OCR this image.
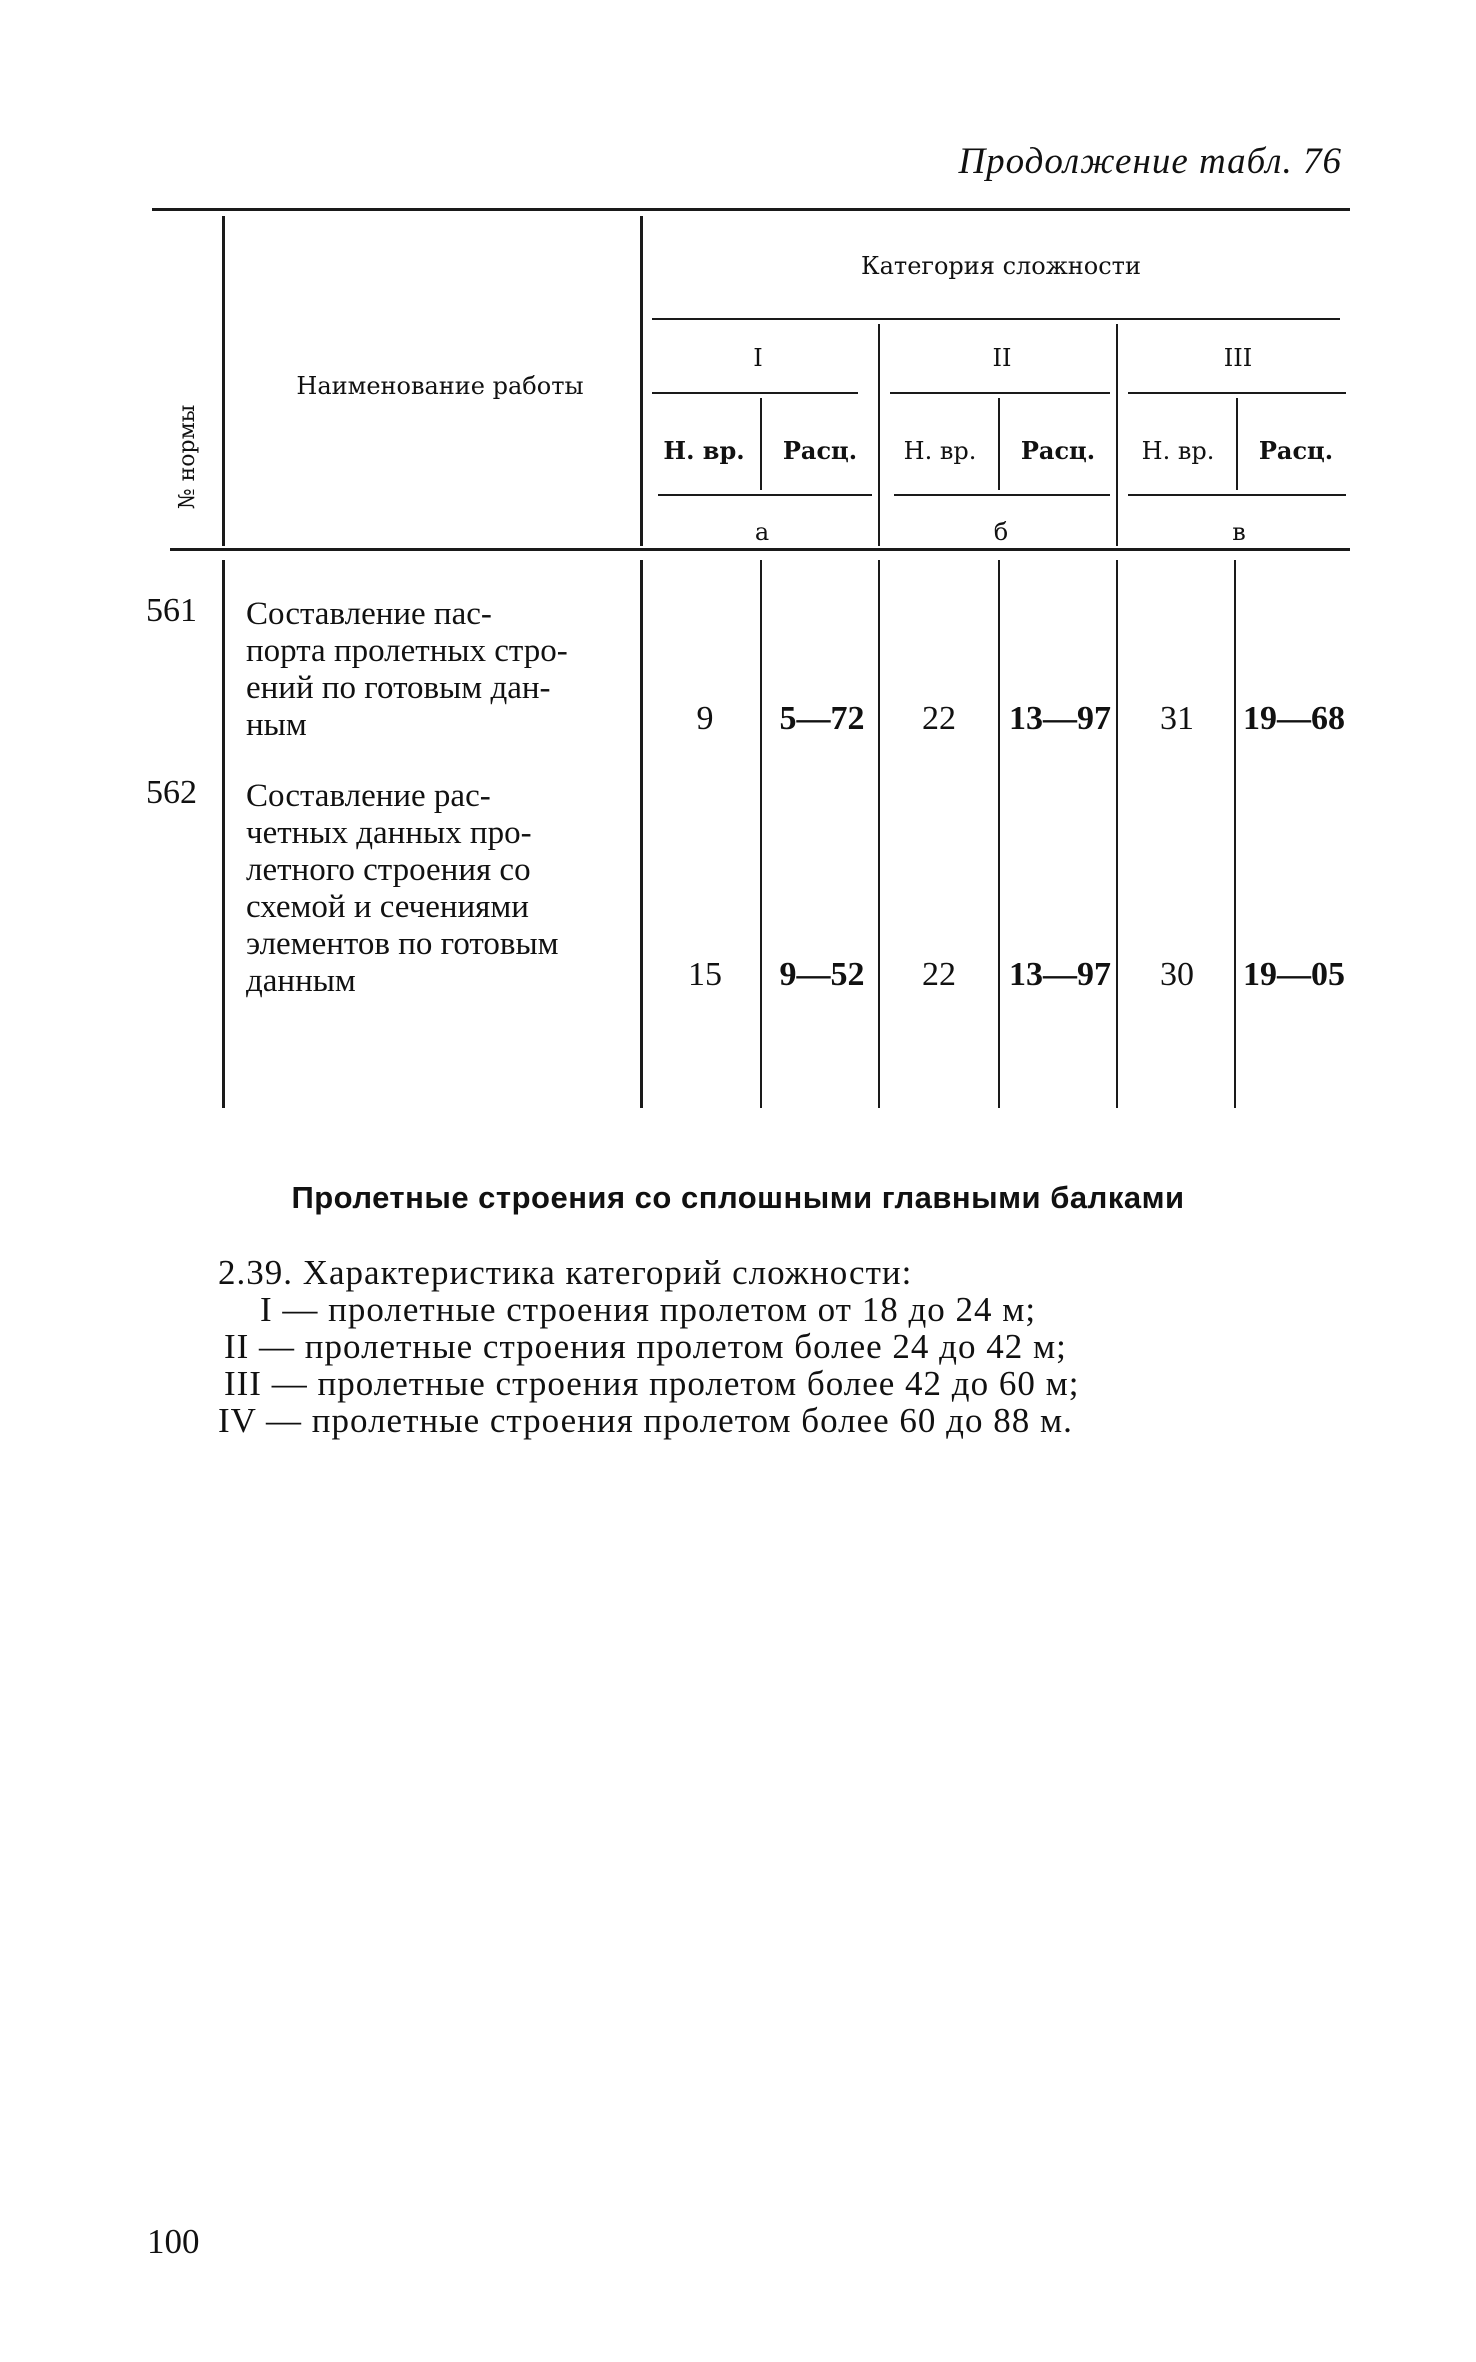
Продолжение табл. 76
№ нормы
Наименование работы
Категория сложности
I	II	III
Н. вр.	Расц.	Н. вр.	Расц.	Н. вр.	Расц.
а	б	в
561 Составление пас-
порта пролетных стро-
ений по готовым дан-
ным	9	5—72	22	13—97	31	19—68
562 Составление рас-
четных данных про-
летного строения со
схемой и сечениями
элементов по готовым
данным	15	9—52	22	13—97	30	19—05
Пролетные строения со сплошными главными балками
2.39. Характеристика категорий сложности:
I — пролетные строения пролетом от 18 до 24 м;
II — пролетные строения пролетом более 24 до 42 м;
III — пролетные строения пролетом более 42 до 60 м;
IV — пролетные строения пролетом более 60 до 88 м.
100
